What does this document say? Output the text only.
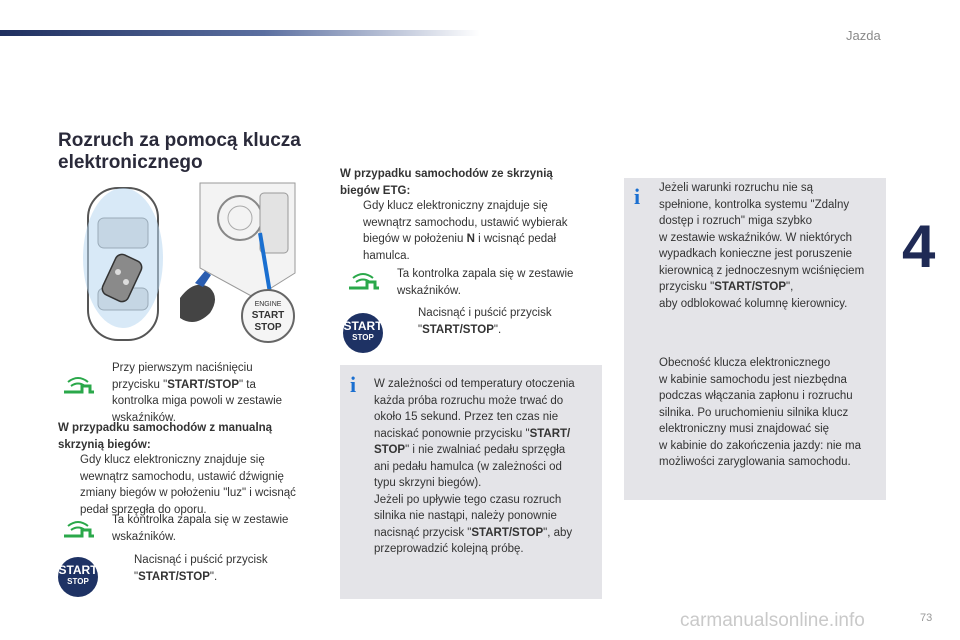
Jazda
4
Rozruch za pomocą klucza
elektronicznego
ENGINE
START
STOP
Przy pierwszym naciśnięciu
przycisku "START/STOP" ta
kontrolka miga powoli w zestawie
wskaźników.
W przypadku samochodów z manualną
skrzynią biegów:
Gdy klucz elektroniczny znajduje się
wewnątrz samochodu, ustawić dźwignię
zmiany biegów w położeniu "luz" i wcisnąć
pedał sprzęgła do oporu.
Ta kontrolka zapala się w zestawie
wskaźników.
START
STOP
Nacisnąć i puścić przycisk
"START/STOP".
W przypadku samochodów ze skrzynią
biegów ETG:
Gdy klucz elektroniczny znajduje się
wewnątrz samochodu, ustawić wybierak
biegów w położeniu N i wcisnąć pedał
hamulca.
Ta kontrolka zapala się w zestawie
wskaźników.
START
STOP
Nacisnąć i puścić przycisk
"START/STOP".
i W zależności od temperatury otoczenia
każda próba rozruchu może trwać do
około 15 sekund. Przez ten czas nie
naciskać ponownie przycisku "START/
STOP" i nie zwalniać pedału sprzęgła
ani pedału hamulca (w zależności od
typu skrzyni biegów).
Jeżeli po upływie tego czasu rozruch
silnika nie nastąpi, należy ponownie
nacisnąć przycisk "START/STOP", aby
przeprowadzić kolejną próbę.
i Jeżeli warunki rozruchu nie są
spełnione, kontrolka systemu "Zdalny
dostęp i rozruch" miga szybko
w zestawie wskaźników. W niektórych
wypadkach konieczne jest poruszenie
kierownicą z jednoczesnym wciśnięciem
przycisku "START/STOP",
aby odblokować kolumnę kierownicy.
Obecność klucza elektronicznego
w kabinie samochodu jest niezbędna
podczas włączania zapłonu i rozruchu
silnika. Po uruchomieniu silnika klucz
elektroniczny musi znajdować się
w kabinie do zakończenia jazdy: nie ma
możliwości zaryglowania samochodu.
carmanualsonline.info	73
